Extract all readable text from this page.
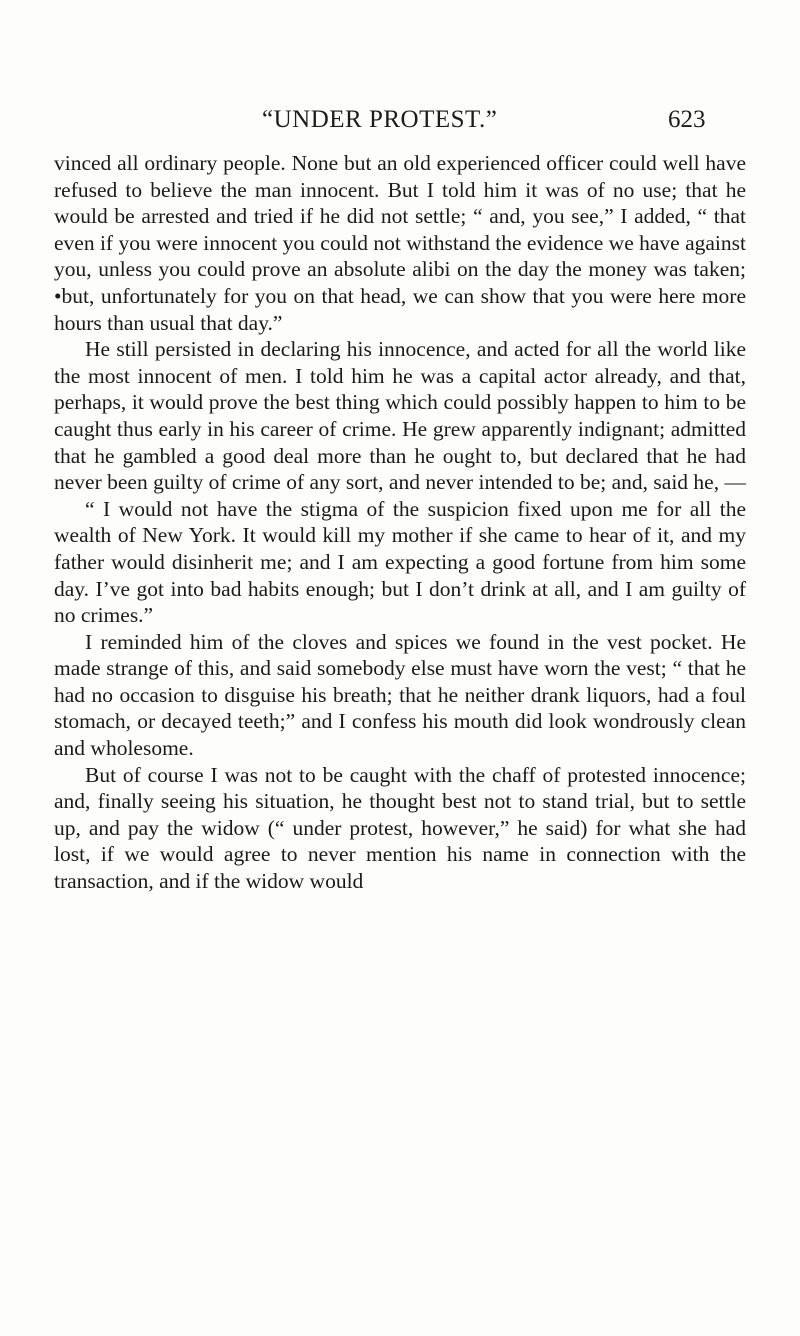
“UNDER PROTEST.”	623

vinced all ordinary people. None but an old experienced officer could well have refused to believe the man innocent. But I told him it was of no use; that he would be arrested and tried if he did not settle; “ and, you see,” I added, “ that even if you were innocent you could not withstand the evidence we have against you, unless you could prove an absolute alibi on the day the money was taken; •but, unfortunately for you on that head, we can show that you were here more hours than usual that day.”

He still persisted in declaring his innocence, and acted for all the world like the most innocent of men. I told him he was a capital actor already, and that, perhaps, it would prove the best thing which could possibly happen to him to be caught thus early in his career of crime. He grew apparently indignant; admitted that he gambled a good deal more than he ought to, but declared that he had never been guilty of crime of any sort, and never intended to be; and, said he, —

“ I would not have the stigma of the suspicion fixed upon me for all the wealth of New York. It would kill my mother if she came to hear of it, and my father would disinherit me; and I am expecting a good fortune from him some day. I’ve got into bad habits enough; but I don’t drink at all, and I am guilty of no crimes.”

I reminded him of the cloves and spices we found in the vest pocket. He made strange of this, and said somebody else must have worn the vest; “ that he had no occasion to disguise his breath; that he neither drank liquors, had a foul stomach, or decayed teeth;” and I confess his mouth did look wondrously clean and wholesome.

But of course I was not to be caught with the chaff of protested innocence; and, finally seeing his situation, he thought best not to stand trial, but to settle up, and pay the widow (“ under protest, however,” he said) for what she had lost, if we would agree to never mention his name in connection with the transaction, and if the widow would
